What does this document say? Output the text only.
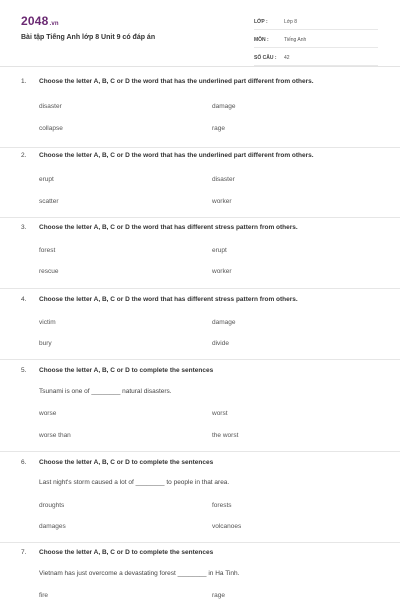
2048.vn
Bài tập Tiếng Anh lớp 8 Unit 9 có đáp án
LỚP :	Lớp 8
MÔN :	Tiếng Anh
SỐ CÂU :	42
1.	Choose the letter A, B, C or D the word that has the underlined part different from others.
disaster	damage
collapse	rage
2.	Choose the letter A, B, C or D the word that has the underlined part different from others.
erupt	disaster
scatter	worker
3.	Choose the letter A, B, C or D the word that has different stress pattern from others.
forest	erupt
rescue	worker
4.	Choose the letter A, B, C or D the word that has different stress pattern from others.
victim	damage
bury	divide
5.	Choose the letter A, B, C or D to complete the sentences
Tsunami is one of ________ natural disasters.
worse	worst
worse than	the worst
6.	Choose the letter A, B, C or D to complete the sentences
Last night's storm caused a lot of ________ to people in that area.
droughts	forests
damages	volcanoes
7.	Choose the letter A, B, C or D to complete the sentences
Vietnam has just overcome a devastating forest ________ in Ha Tinh.
fire	rage
